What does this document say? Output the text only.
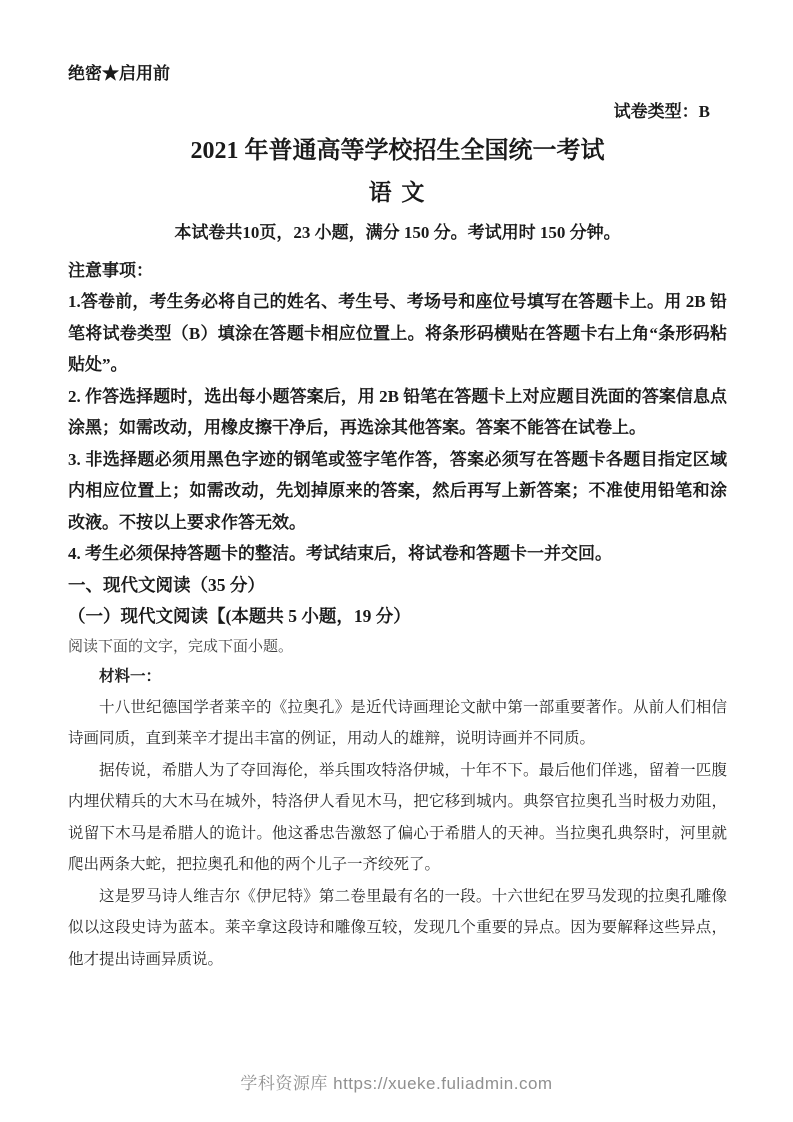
绝密★启用前
试卷类型：B
2021 年普通高等学校招生全国统一考试
语 文
本试卷共10页，23 小题，满分 150 分。考试用时 150 分钟。
注意事项：

1.答卷前，考生务必将自己的姓名、考生号、考场号和座位号填写在答题卡上。用 2B 铅笔将试卷类型（B）填涂在答题卡相应位置上。将条形码横贴在答题卡右上角“条形码粘贴处”。

2. 作答选择题时，选出每小题答案后，用 2B 铅笔在答题卡上对应题目洗面的答案信息点涂黑；如需改动，用橡皮擦干净后，再选涂其他答案。答案不能答在试卷上。

3. 非选择题必须用黑色字迹的钢笔或签字笔作答，答案必须写在答题卡各题目指定区域内相应位置上；如需改动，先划掉原来的答案，然后再写上新答案；不准使用铅笔和涂改液。不按以上要求作答无效。

4. 考生必须保持答题卡的整洁。考试结束后，将试卷和答题卡一并交回。

一、现代文阅读（35 分）
（一）现代文阅读【(本题共 5 小题，19 分）
阅读下面的文字，完成下面小题。
材料一：

十八世纪德国学者莱辛的《拉奥孔》是近代诗画理论文献中第一部重要著作。从前人们相信诗画同质，直到莱辛才提出丰富的例证，用动人的雄辩，说明诗画并不同质。

据传说，希腊人为了夺回海伦，举兵围攻特洛伊城，十年不下。最后他们佯逃，留着一匹腹内埋伏精兵的大木马在城外，特洛伊人看见木马，把它移到城内。典祭官拉奥孔当时极力劝阻，说留下木马是希腊人的诡计。他这番忠告激怒了偏心于希腊人的天神。当拉奥孔典祭时，河里就爬出两条大蛇，把拉奥孔和他的两个儿子一齐绞死了。

这是罗马诗人维吉尔《伊尼特》第二卷里最有名的一段。十六世纪在罗马发现的拉奥孔雕像似以这段史诗为蓝本。莱辛拿这段诗和雕像互较，发现几个重要的异点。因为要解释这些异点，他才提出诗画异质说。

学科资源库 https://xueke.fuliadmin.com
